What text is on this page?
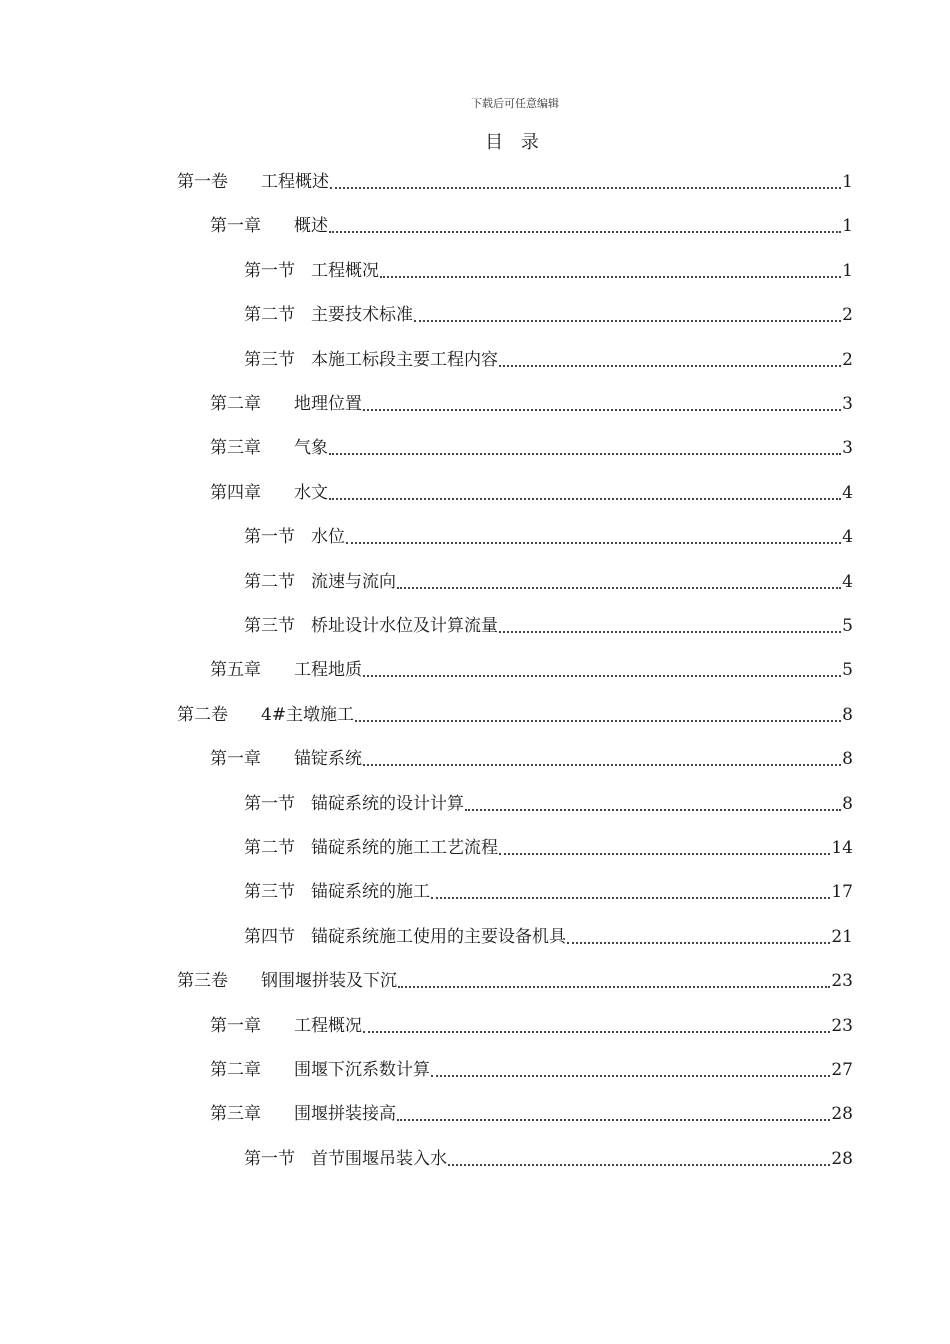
下载后可任意编辑
目 录
第一卷	工程概述	1
第一章	概述	1
第一节 工程概况	1
第二节 主要技术标准	2
第三节 本施工标段主要工程内容	2
第二章	地理位置	3
第三章	气象	3
第四章	水文	4
第一节 水位	4
第二节 流速与流向	4
第三节 桥址设计水位及计算流量	5
第五章	工程地质	5
第二卷	4#主墩施工	8
第一章	锚锭系统	8
第一节 锚碇系统的设计计算	8
第二节 锚碇系统的施工工艺流程	14
第三节 锚碇系统的施工	17
第四节 锚碇系统施工使用的主要设备机具	21
第三卷	钢围堰拼装及下沉	23
第一章	工程概况	23
第二章	围堰下沉系数计算	27
第三章	围堰拼装接高	28
第一节 首节围堰吊装入水	28
